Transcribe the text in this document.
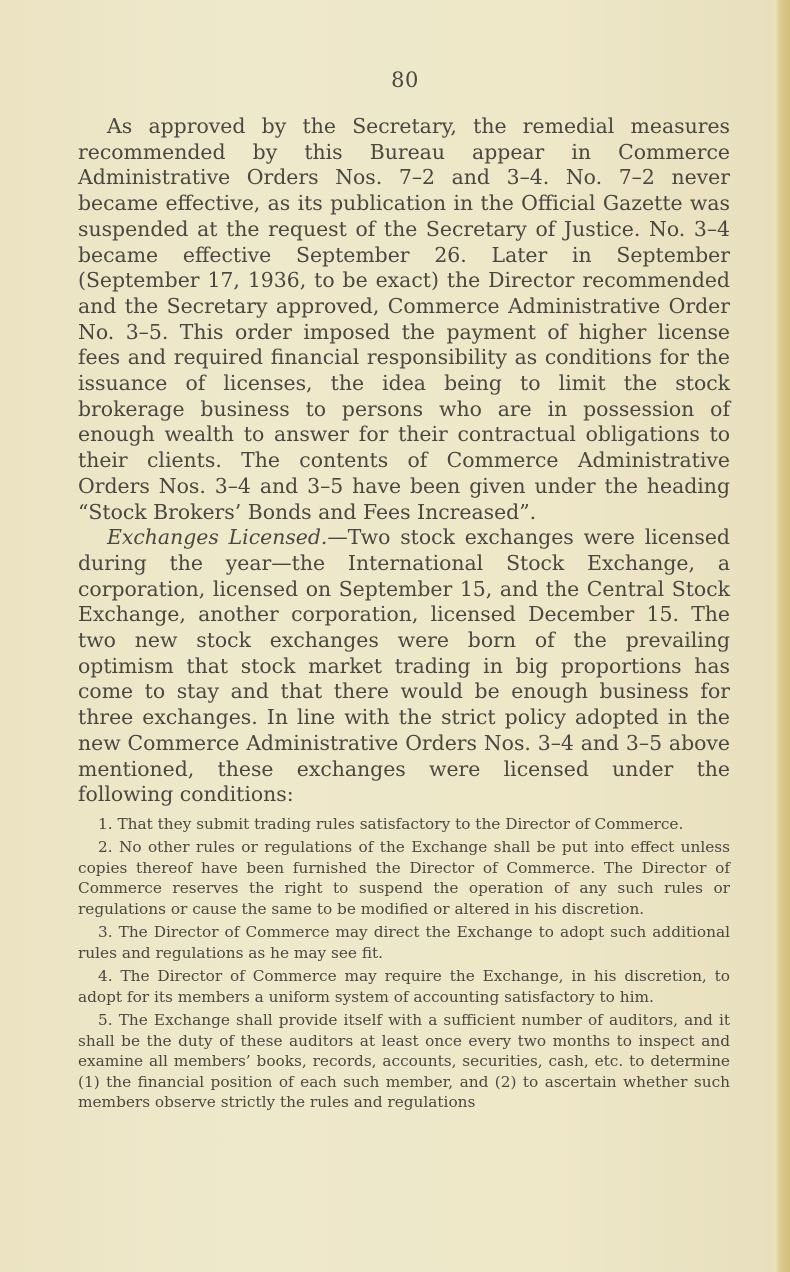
80

As approved by the Secretary, the remedial measures recommended by this Bureau appear in Commerce Administrative Orders Nos. 7–2 and 3–4. No. 7–2 never became effective, as its publication in the Official Gazette was suspended at the request of the Secretary of Justice. No. 3–4 became effective September 26. Later in September (September 17, 1936, to be exact) the Director recommended and the Secretary approved, Commerce Administrative Order No. 3–5. This order imposed the payment of higher license fees and required financial responsibility as conditions for the issuance of licenses, the idea being to limit the stock brokerage business to persons who are in possession of enough wealth to answer for their contractual obligations to their clients. The contents of Commerce Administrative Orders Nos. 3–4 and 3–5 have been given under the heading “Stock Brokers’ Bonds and Fees Increased”.

Exchanges Licensed.—Two stock exchanges were licensed during the year—the International Stock Exchange, a corporation, licensed on September 15, and the Central Stock Exchange, another corporation, licensed December 15. The two new stock exchanges were born of the prevailing optimism that stock market trading in big proportions has come to stay and that there would be enough business for three exchanges. In line with the strict policy adopted in the new Commerce Administrative Orders Nos. 3–4 and 3–5 above mentioned, these exchanges were licensed under the following conditions:

1. That they submit trading rules satisfactory to the Director of Commerce.

2. No other rules or regulations of the Exchange shall be put into effect unless copies thereof have been furnished the Director of Commerce. The Director of Commerce reserves the right to suspend the operation of any such rules or regulations or cause the same to be modified or altered in his discretion.

3. The Director of Commerce may direct the Exchange to adopt such additional rules and regulations as he may see fit.

4. The Director of Commerce may require the Exchange, in his discretion, to adopt for its members a uniform system of accounting satisfactory to him.

5. The Exchange shall provide itself with a sufficient number of auditors, and it shall be the duty of these auditors at least once every two months to inspect and examine all members’ books, records, accounts, securities, cash, etc. to determine (1) the financial position of each such member, and (2) to ascertain whether such members observe strictly the rules and regulations
